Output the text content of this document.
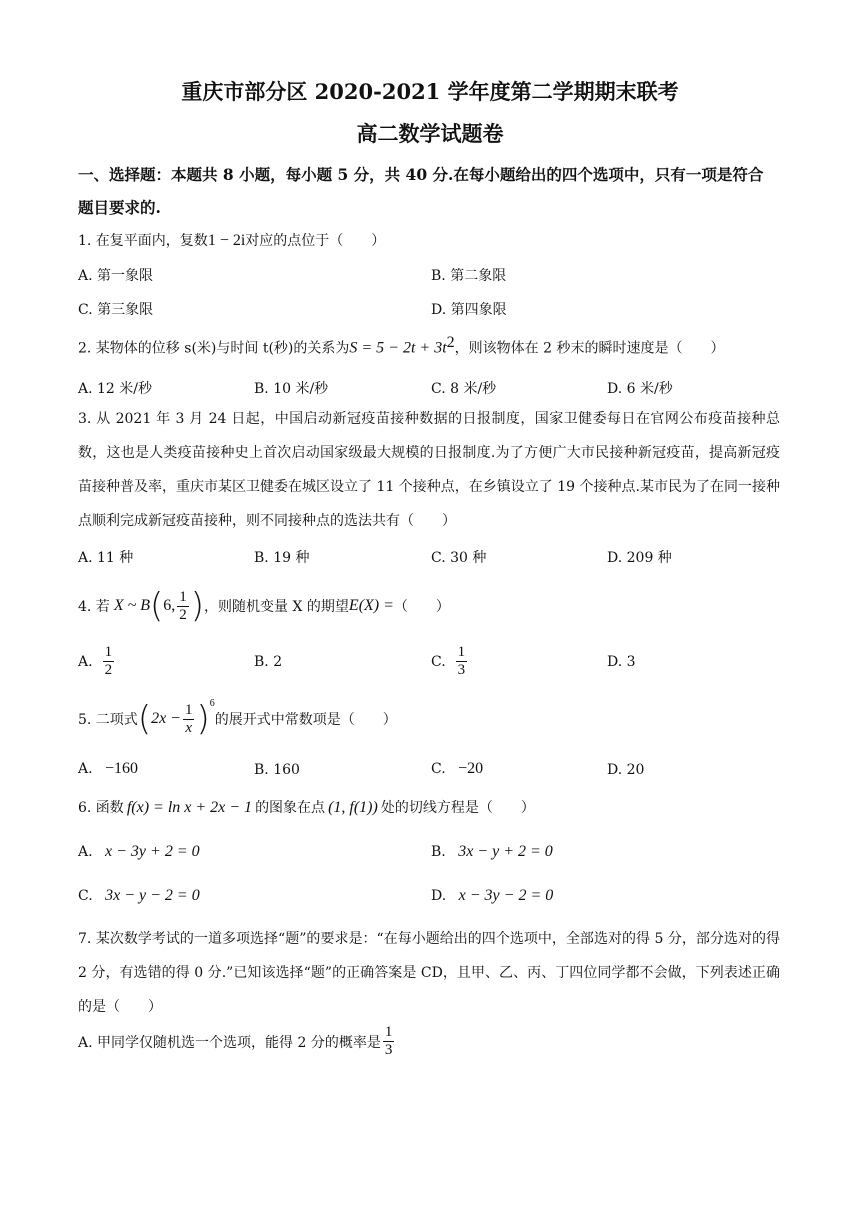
重庆市部分区 2020-2021 学年度第二学期期末联考
高二数学试题卷
一、选择题：本题共 8 小题，每小题 5 分，共 40 分.在每小题给出的四个选项中，只有一项是符合题目要求的.
1. 在复平面内，复数1 − 2i对应的点位于（　　）
A. 第一象限	B. 第二象限
C. 第三象限	D. 第四象限
2. 某物体的位移 s(米)与时间 t(秒)的关系为$S = 5 - 2t + 3t^2$，则该物体在 2 秒末的瞬时速度是（　　）
A. 12 米/秒	B. 10 米/秒	C. 8 米/秒	D. 6 米/秒
3. 从 2021 年 3 月 24 日起，中国启动新冠疫苗接种数据的日报制度，国家卫健委每日在官网公布疫苗接种总数，这也是人类疫苗接种史上首次启动国家级最大规模的日报制度.为了方便广大市民接种新冠疫苗，提高新冠疫苗接种普及率，重庆市某区卫健委在城区设立了 11 个接种点，在乡镇设立了 19 个接种点.某市民为了在同一接种点顺利完成新冠疫苗接种，则不同接种点的选法共有（　　）
A. 11 种	B. 19 种	C. 30 种	D. 209 种
4. 若 X ~ B ( 6, $\frac{1}{2}$ ) ，则随机变量 X 的期望 E(X) = （　　）
A. $\frac{1}{2}$	B. 2	C. $\frac{1}{3}$	D. 3
5. 二项式 ( $2x - \frac{1}{x}$ ) 6
的展开式中常数项是（　　）
A. −160	B. 160	C. −20	D. 20
6. 函数 f(x) = ln x + 2x − 1 的图象在点 (1, f(1)) 处的切线方程是（　　）
A. x − 3y + 2 = 0	B. 3x − y + 2 = 0
C. 3x − y − 2 = 0	D. x − 3y − 2 = 0
7. 某次数学考试的一道多项选择“题”的要求是：“在每小题给出的四个选项中，全部选对的得 5 分，部分选对的得 2 分，有选错的得 0 分.”已知该选择“题”的正确答案是 CD，且甲、乙、丙、丁四位同学都不会做，下列表述正确的是（　　）
A. 甲同学仅随机选一个选项，能得 2 分的概率是 $\frac{1}{3}$
